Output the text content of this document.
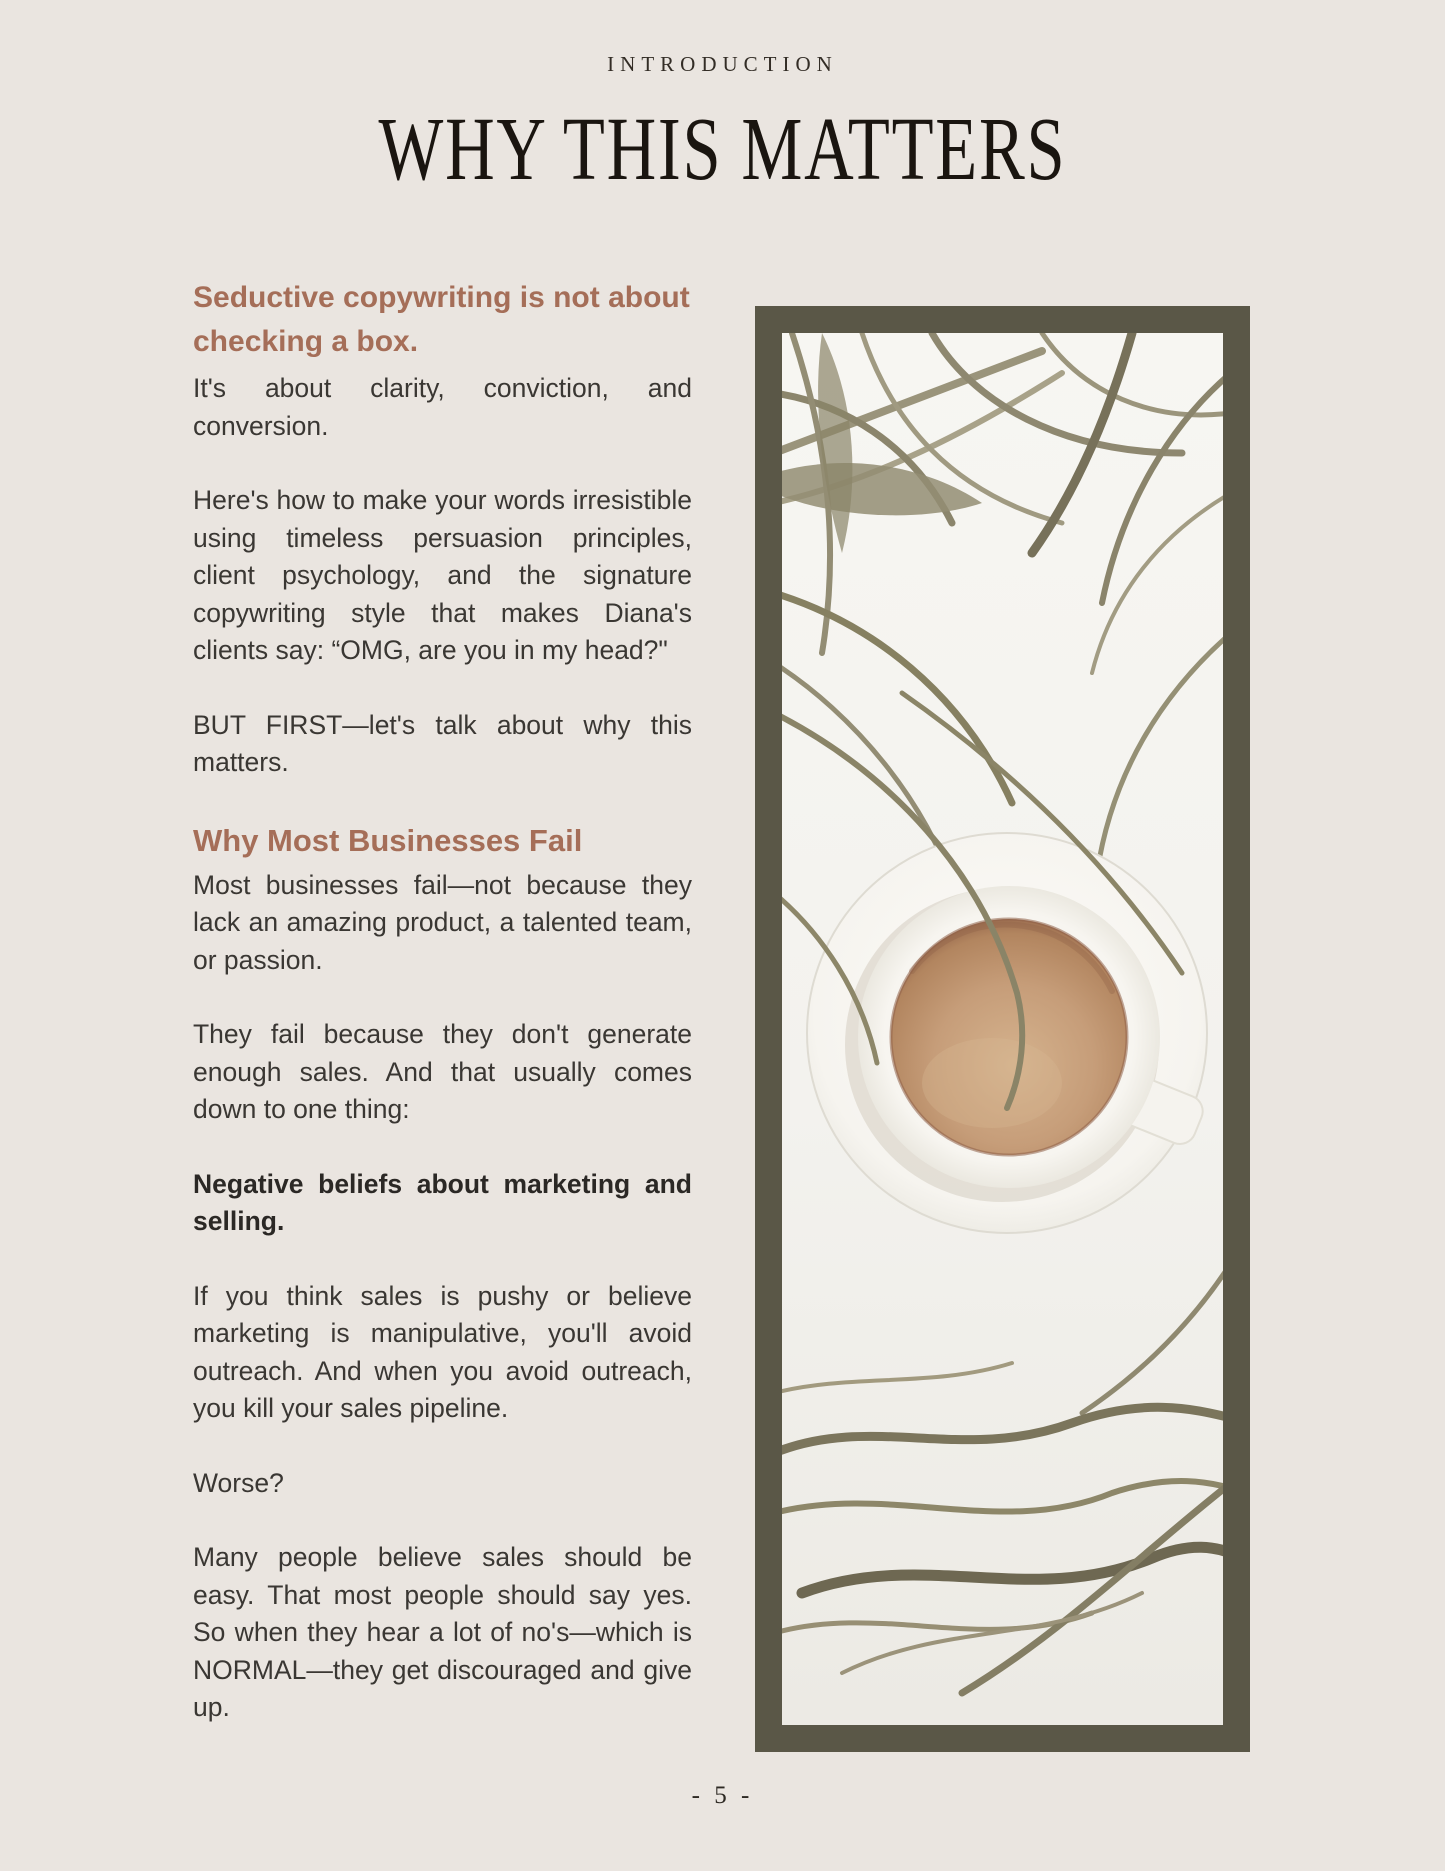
INTRODUCTION
WHY THIS MATTERS
Seductive copywriting is not about checking a box.

It's about clarity, conviction, and conversion.

Here's how to make your words irresistible using timeless persuasion principles, client psychology, and the signature copywriting style that makes Diana's clients say: “OMG, are you in my head?"

BUT FIRST—let's talk about why this matters.

Why Most Businesses Fail

Most businesses fail—not because they lack an amazing product, a talented team, or passion.

They fail because they don't generate enough sales. And that usually comes down to one thing:

Negative beliefs about marketing and selling.

If you think sales is pushy or believe marketing is manipulative, you'll avoid outreach. And when you avoid outreach, you kill your sales pipeline.

Worse?

Many people believe sales should be easy. That most people should say yes. So when they hear a lot of no's—which is NORMAL—they get discouraged and give up.

- 5 -
